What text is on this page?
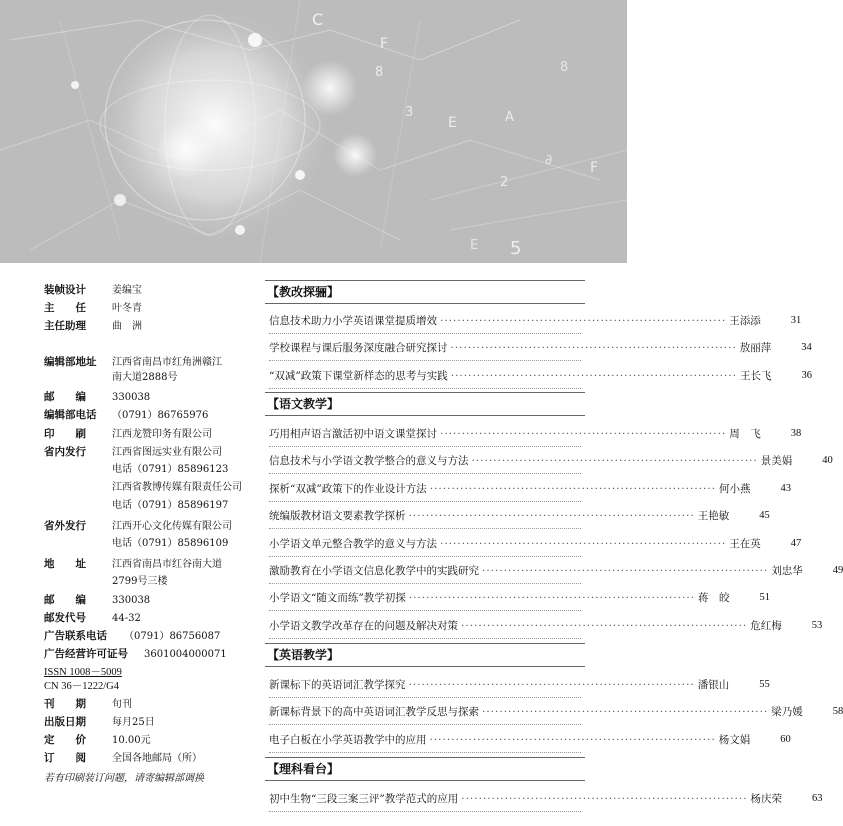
C
F
8
3
E	A
2
5
∂	F
E
8
装帧设计	姜编宝
主　　任	叶冬青
主任助理	曲　洲
编辑部地址 江西省南昌市红角洲赣江
南大道2888号
邮　　编	330038
编辑部电话 （0791）86765976
印　　刷	江西龙赞印务有限公司
省内发行	江西省图远实业有限公司
电话（0791）85896123
江西省教博传媒有限责任公司
电话（0791）85896197
省外发行	江西开心文化传媒有限公司
电话（0791）85896109
地　　址	江西省南昌市红谷南大道
2799号三楼
邮　　编	330038
邮发代号	44-32
广告联系电话 （0791）86756087
广告经营许可证号 3601004000071
ISSN 1008－5009
CN 36－1222/G4
刊　　期	旬刊
出版日期	每月25日
定　　价	10.00元
订　　阅	全国各地邮局（所）
若有印刷装订问题，请寄编辑部调换
【教改探骊】
信息技术助力小学英语课堂提质增效 ·································································· 王添添	31
学校课程与课后服务深度融合研究探讨 ·································································· 敖丽萍	34
“双减”政策下课堂新样态的思考与实践 ·································································· 王长飞	36
【语文教学】
巧用相声语言激活初中语文课堂探讨 ·································································· 周　飞	38
信息技术与小学语文教学整合的意义与方法 ·································································· 景美娟	40
探析“双减”政策下的作业设计方法 ·································································· 何小燕	43
统编版教材语文要素教学探析 ·································································· 王艳敏	45
小学语文单元整合教学的意义与方法 ·································································· 王在英	47
激励教育在小学语文信息化教学中的实践研究 ·································································· 刘忠华	49
小学语文“随文而练”教学初探 ·································································· 蒋　皎	51
小学语文教学改革存在的问题及解决对策 ·································································· 危红梅	53
【英语教学】
新课标下的英语词汇教学探究 ·································································· 潘银山	55
新课标背景下的高中英语词汇教学反思与探索 ·································································· 梁乃媛	58
电子白板在小学英语教学中的应用 ·································································· 杨文娟	60
【理科看台】
初中生物“三段三案三评”教学范式的应用 ·································································· 杨庆荣	63
